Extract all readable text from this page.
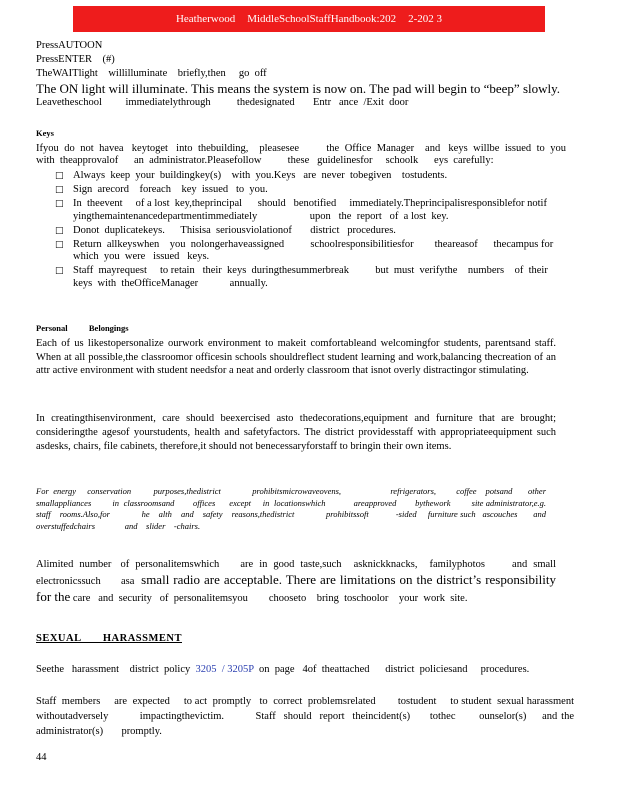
Heatherwood MiddleSchoolStaffHandbook:202 2-202 3
PressAUTOON
PressENTER    (#)
TheWAITlight    willilluminate    briefly,then     go  off
The ON light will illuminate. This means the system is now on. The pad will begin to “beep” slowly.
Leavetheschool         immediatelythrough          thedesignated       Entr   ance  /Exit  door
Keys
Ifyou  do  not  havea   keytoget   into  thebuilding,    pleasesee          the  Office  Manager    and   keys  willbe  issued  to  you  with  theapprovalof      an  administrator.Pleasefollow          these   guidelinesfor     schoolk      eys  carefully:
□ Always  keep  your  buildingkey(s)    with  you.Keys   are  never  tobegiven    tostudents.
□ Sign  arecord    foreach    key  issued   to  you.
□ In  theevent     of a lost  key,theprincipal      should   benotified     immediately.Theprincipalisresponsiblefor notif yingthemaintenancedepartmentimmediately                    upon   the  report   of  a lost  key.
□ Donot  duplicatekeys.      Thisisa  seriousviolationof       district   procedures.
□ Return  allkeyswhen    you  nolongerhaveassigned          schoolresponsibilitiesfor        theareasof      thecampus for  which  you  were   issued   keys.
□ Staff  mayrequest     to retain   their  keys  duringthesummerbreak          but  must  verifythe    numbers    of  their keys  with  theOfficeManager            annually.
Personal          Belongings
Each of us likestopersonalize ourwork environment to makeit comfortableand welcomingfor students, parentsand staff. When at all possible,the classroomor officesin schools shouldreflect student learning and work,balancing thecreation of an attr active environment with student needsfor a neat and orderly classroom that isnot overly distractingor stimulating.
In creatingthisenvironment, care should beexercised asto thedecorations,equipment and furniture that are brought; consideringthe agesof yourstudents, health and safetyfactors. The district providesstaff with appropriateequipment such asdesks, chairs, file cabinets, therefore,it should not benecessaryforstaff to bringin their own items.
For  energy     conservation          purposes,thedistrict              prohibitsmicrowaveovens,                      refrigerators,         coffee    potsand       other smallappliances         in  classroomsand        offices      except     in  locationswhich            areapproved        bythework         site administrator,e.g.              staff    rooms.Also,for              he    alth    and    safety    reasons,thedistrict              prohibitssoft            -sided     furniture such   ascouches       and   overstuffedchairs              and    slider    -chairs.
Alimited  number   of  personalitemswhich       are  in  good  taste,such    asknickknacks,    familyphotos         and  small electronicssuch      asa  small radio are acceptable. There are limitations on the district’s responsibility for the care   and  security   of  personalitemsyou        chooseto    bring  toschoolor    your  work  site.
SEXUAL       HARASSMENT
Seethe   harassment    district  policy  3205  / 3205P  on  page   4of  theattached      district  policiesand     procedures.
Staff  members     are  expected     to act  promptly   to  correct  problemsrelated        tostudent     to student  sexual harassment     withoutadversely        impactingthevictim.        Staff  should  report  theincident(s)     tothec      ounselor(s)    and the  administrator(s)       promptly.
44
